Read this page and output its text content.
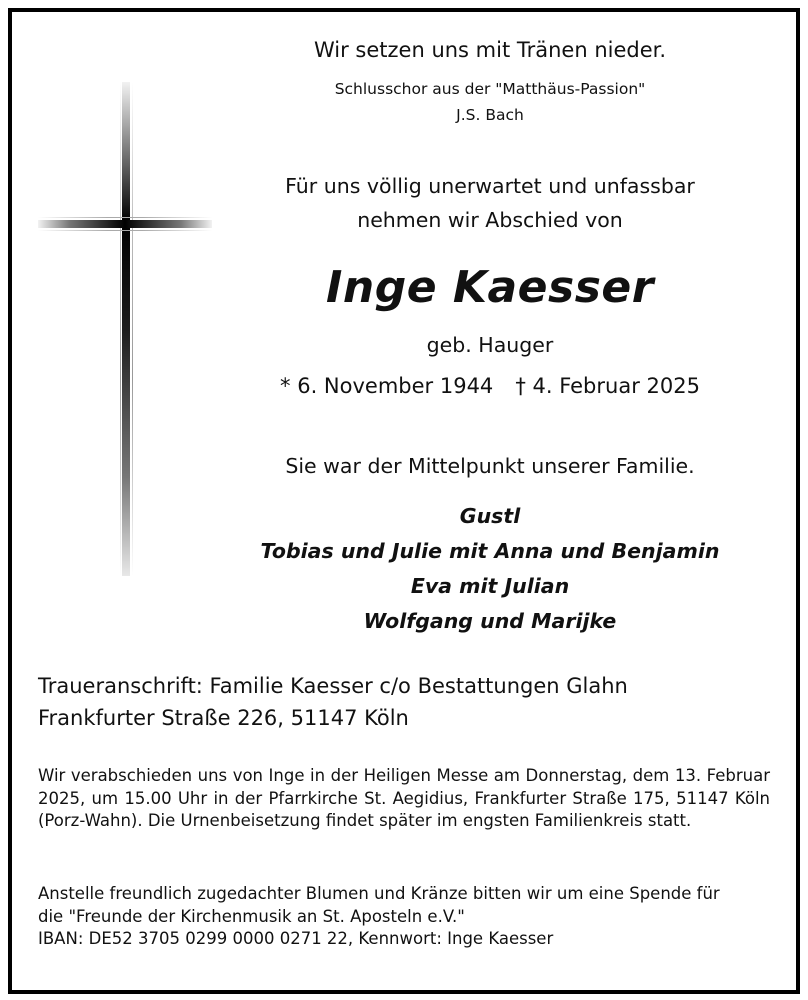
Wir setzen uns mit Tränen nieder.
Schlusschor aus der "Matthäus-Passion"
J.S. Bach
Für uns völlig unerwartet und unfassbar
nehmen wir Abschied von
Inge Kaesser
geb. Hauger
* 6. November 1944 † 4. Februar 2025
Sie war der Mittelpunkt unserer Familie.
Gustl
Tobias und Julie mit Anna und Benjamin
Eva mit Julian
Wolfgang und Marijke
Traueranschrift: Familie Kaesser c/o Bestattungen Glahn
Frankfurter Straße 226, 51147 Köln

Wir verabschieden uns von Inge in der Heiligen Messe am Donnerstag, dem 13. Februar 2025, um 15.00 Uhr in der Pfarrkirche St. Aegidius, Frankfurter Straße 175, 51147 Köln (Porz-Wahn). Die Urnenbeisetzung findet später im engsten Familienkreis statt.

Anstelle freundlich zugedachter Blumen und Kränze bitten wir um eine Spende für
die "Freunde der Kirchenmusik an St. Aposteln e.V."
IBAN: DE52 3705 0299 0000 0271 22, Kennwort: Inge Kaesser
